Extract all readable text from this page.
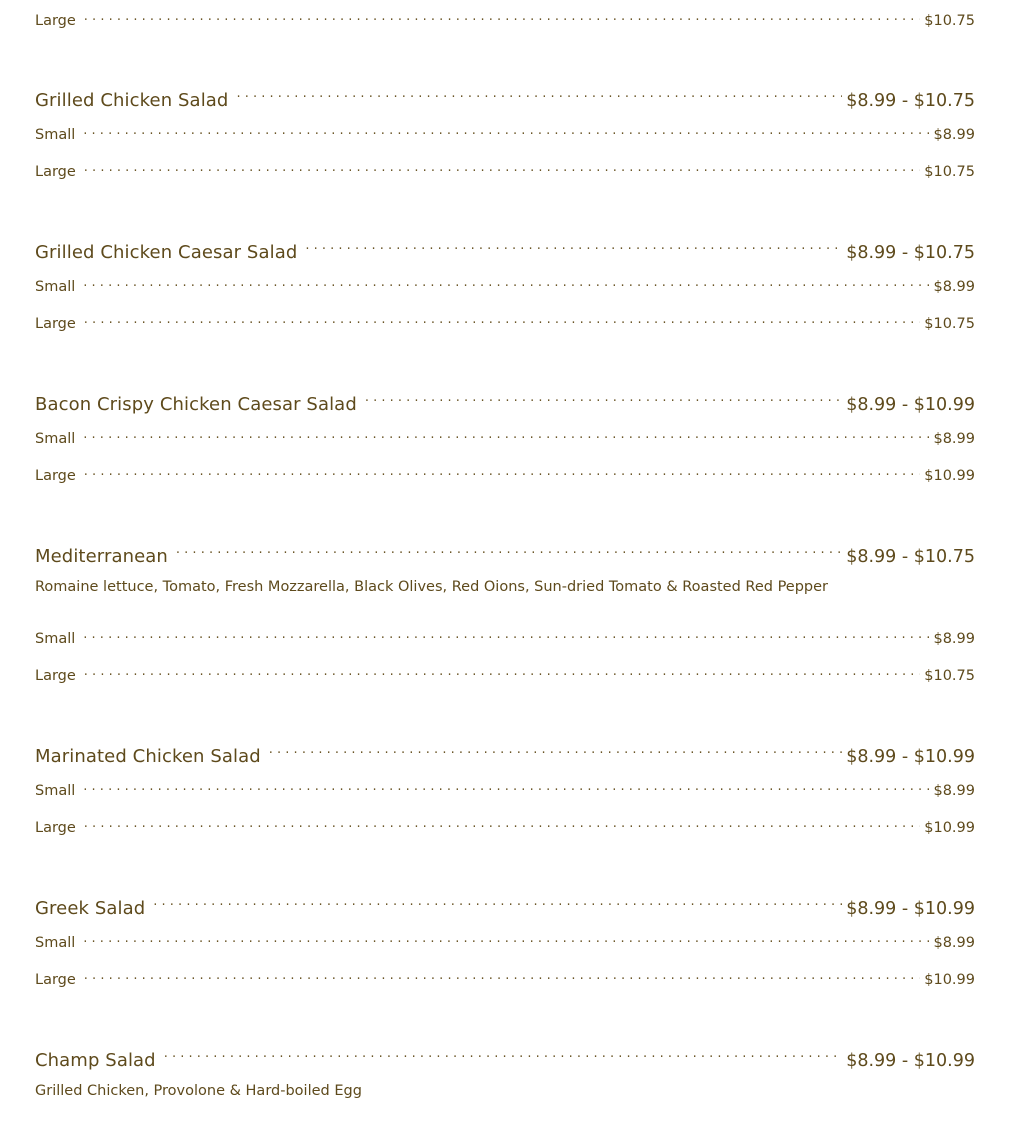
Large . . .	$10.75
Grilled Chicken Salad . . .	$8.99 - $10.75
Small . . .	$8.99
Large . . .	$10.75
Grilled Chicken Caesar Salad . . .	$8.99 - $10.75
Small . . .	$8.99
Large . . .	$10.75
Bacon Crispy Chicken Caesar Salad . . .	$8.99 - $10.99
Small . . .	$8.99
Large . . .	$10.99
Mediterranean . . .	$8.99 - $10.75
Romaine lettuce, Tomato, Fresh Mozzarella, Black Olives, Red Oions, Sun-dried Tomato & Roasted Red Pepper
Small . . .	$8.99
Large . . .	$10.75
Marinated Chicken Salad . . .	$8.99 - $10.99
Small . . .	$8.99
Large . . .	$10.99
Greek Salad . . .	$8.99 - $10.99
Small . . .	$8.99
Large . . .	$10.99
Champ Salad . . .	$8.99 - $10.99
Grilled Chicken, Provolone & Hard-boiled Egg
